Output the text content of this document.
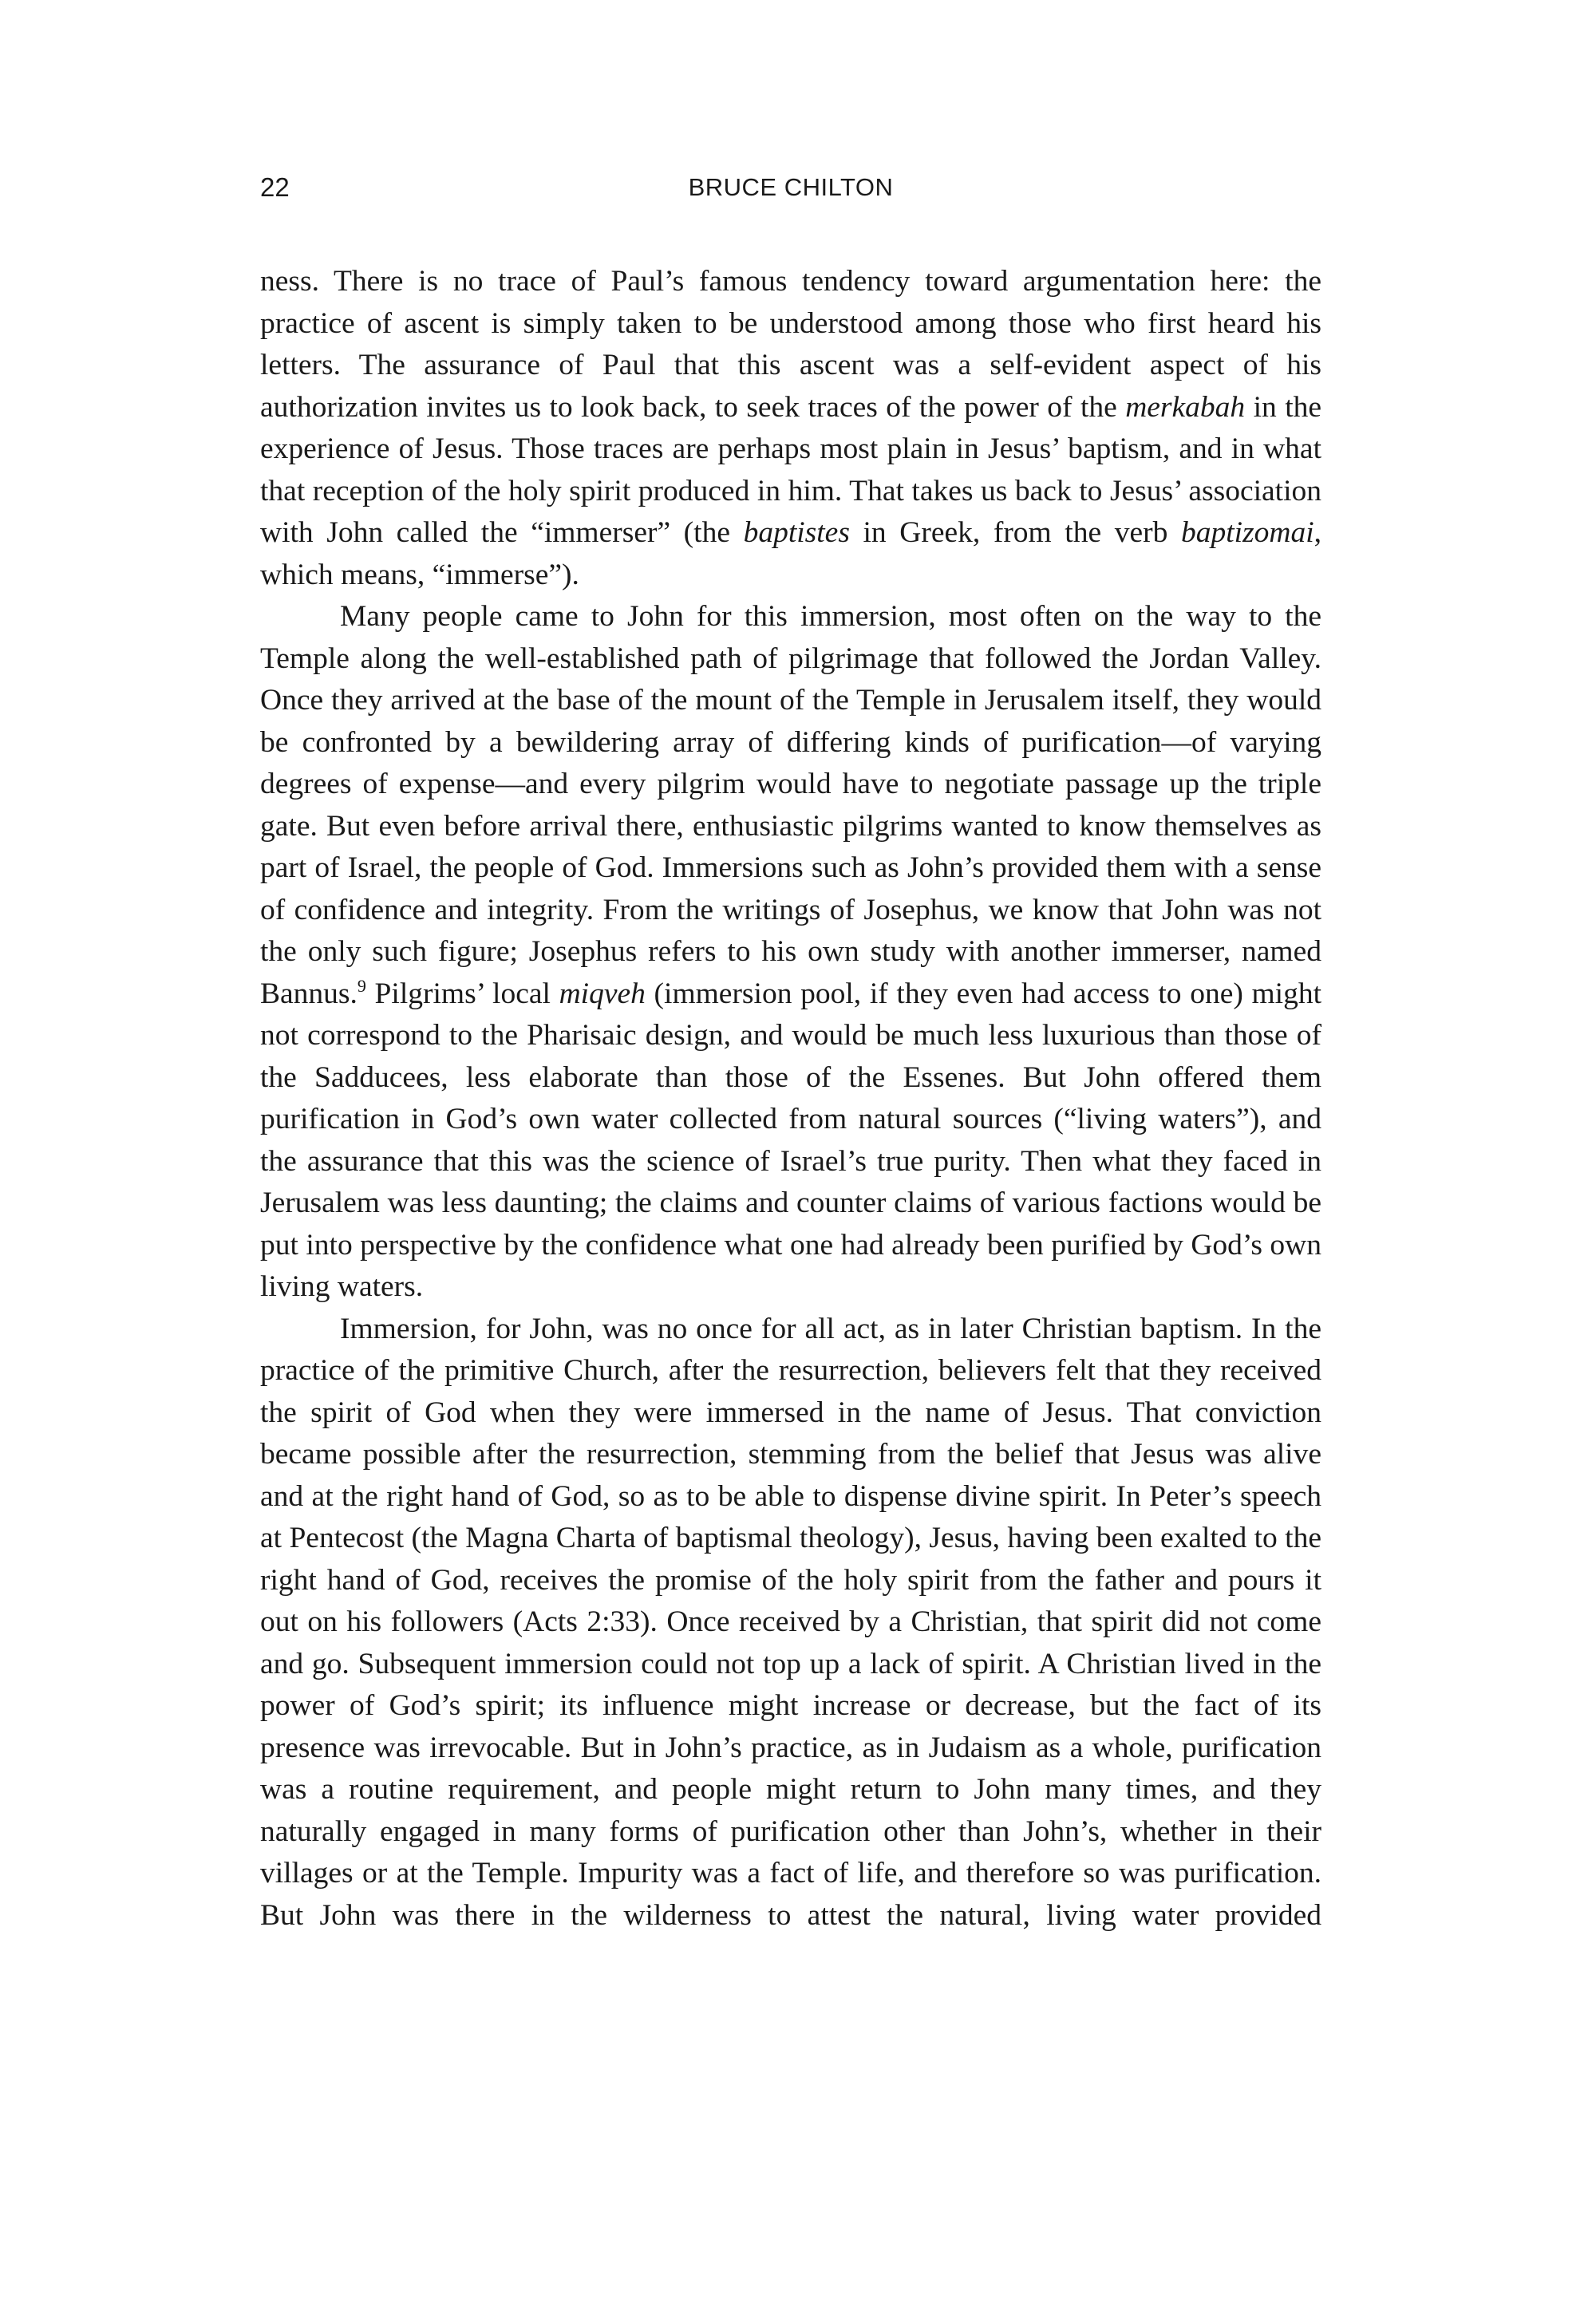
22	BRUCE CHILTON

ness. There is no trace of Paul’s famous tendency toward argumentation here: the practice of ascent is simply taken to be understood among those who first heard his letters. The assurance of Paul that this ascent was a self-evident aspect of his authorization invites us to look back, to seek traces of the power of the merkabah in the experience of Jesus. Those traces are perhaps most plain in Jesus’ baptism, and in what that reception of the holy spirit produced in him. That takes us back to Jesus’ association with John called the “immerser” (the baptistes in Greek, from the verb baptizomai, which means, “immerse”).

Many people came to John for this immersion, most often on the way to the Temple along the well-established path of pilgrimage that followed the Jordan Valley. Once they arrived at the base of the mount of the Temple in Jerusalem itself, they would be confronted by a bewildering array of differing kinds of purification—of varying degrees of expense—and every pilgrim would have to negotiate passage up the triple gate. But even before arrival there, enthusiastic pilgrims wanted to know themselves as part of Israel, the people of God. Immersions such as John’s provided them with a sense of confidence and integrity. From the writings of Josephus, we know that John was not the only such figure; Josephus refers to his own study with another immerser, named Bannus.$^9$ Pilgrims’ local miqveh (immersion pool, if they even had access to one) might not correspond to the Pharisaic design, and would be much less luxurious than those of the Sadducees, less elaborate than those of the Essenes. But John offered them purification in God’s own water collected from natural sources (“living waters”), and the assurance that this was the science of Israel’s true purity. Then what they faced in Jerusalem was less daunting; the claims and counter claims of various factions would be put into perspective by the confidence what one had already been purified by God’s own living waters.

Immersion, for John, was no once for all act, as in later Christian baptism. In the practice of the primitive Church, after the resurrection, believers felt that they received the spirit of God when they were immersed in the name of Jesus. That conviction became possible after the resurrection, stemming from the belief that Jesus was alive and at the right hand of God, so as to be able to dispense divine spirit. In Peter’s speech at Pentecost (the Magna Charta of baptismal theology), Jesus, having been exalted to the right hand of God, receives the promise of the holy spirit from the father and pours it out on his followers (Acts 2:33). Once received by a Christian, that spirit did not come and go. Subsequent immersion could not top up a lack of spirit. A Christian lived in the power of God’s spirit; its influence might increase or decrease, but the fact of its presence was irrevocable. But in John’s practice, as in Judaism as a whole, purification was a routine requirement, and people might return to John many times, and they naturally engaged in many forms of purification other than John’s, whether in their villages or at the Temple. Impurity was a fact of life, and therefore so was purification. But John was there in the wilderness to attest the natural, living water provided
